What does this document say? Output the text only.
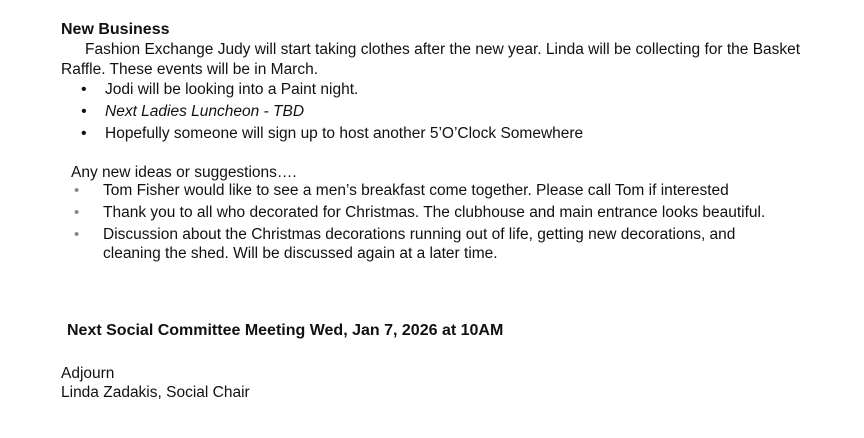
New Business
Fashion Exchange Judy will start taking clothes after the new year. Linda will be collecting for the Basket Raffle. These events will be in March.
• Jodi will be looking into a Paint night.
• Next Ladies Luncheon - TBD
• Hopefully someone will sign up to host another 5’O’Clock Somewhere
Any new ideas or suggestions….
• Tom Fisher would like to see a men’s breakfast come together. Please call Tom if interested
• Thank you to all who decorated for Christmas. The clubhouse and main entrance looks beautiful.
• Discussion about the Christmas decorations running out of life, getting new decorations, and cleaning the shed. Will be discussed again at a later time.
Next Social Committee Meeting Wed, Jan 7, 2026 at 10AM
Adjourn
Linda Zadakis, Social Chair
